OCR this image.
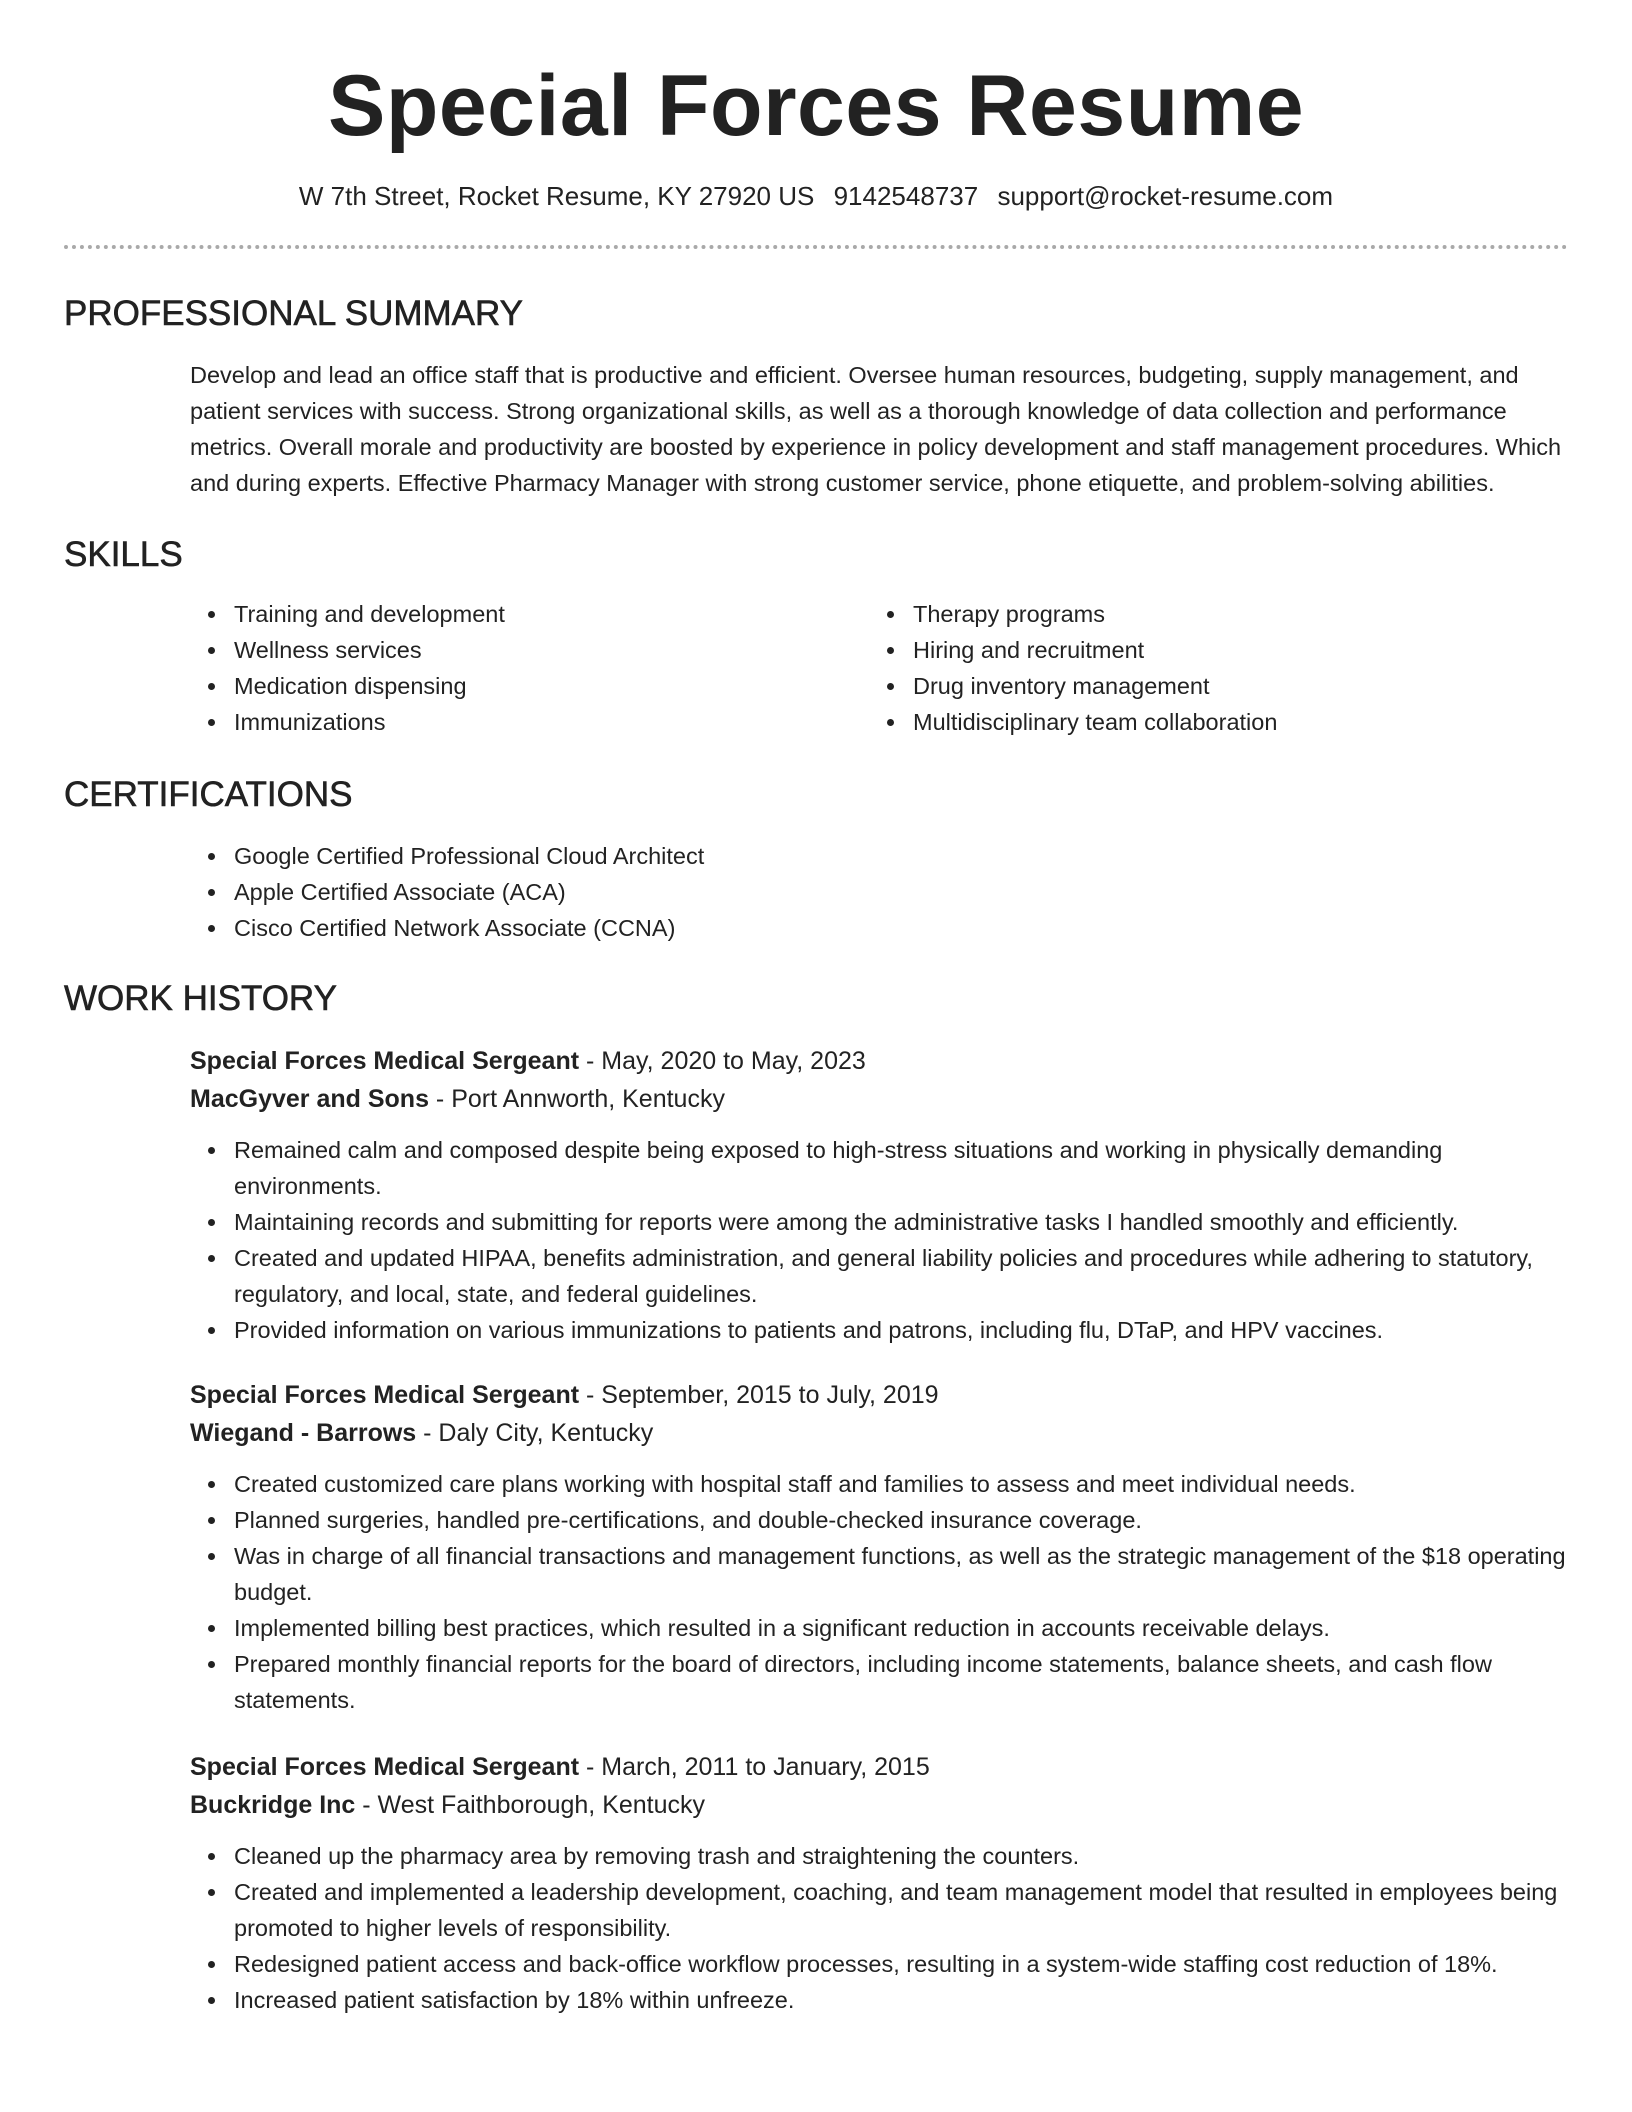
Special Forces Resume
W 7th Street, Rocket Resume, KY 27920 US 9142548737 support@rocket-resume.com
PROFESSIONAL SUMMARY

Develop and lead an office staff that is productive and efficient. Oversee human resources, budgeting, supply management, and patient services with success. Strong organizational skills, as well as a thorough knowledge of data collection and performance metrics. Overall morale and productivity are boosted by experience in policy development and staff management procedures. Which and during experts. Effective Pharmacy Manager with strong customer service, phone etiquette, and problem-solving abilities.

SKILLS
Training and development
Wellness services
Medication dispensing
Immunizations
Therapy programs
Hiring and recruitment
Drug inventory management
Multidisciplinary team collaboration
CERTIFICATIONS
Google Certified Professional Cloud Architect
Apple Certified Associate (ACA)
Cisco Certified Network Associate (CCNA)
WORK HISTORY
Special Forces Medical Sergeant - May, 2020 to May, 2023
MacGyver and Sons - Port Annworth, Kentucky
Remained calm and composed despite being exposed to high-stress situations and working in physically demanding environments.
Maintaining records and submitting for reports were among the administrative tasks I handled smoothly and efficiently.
Created and updated HIPAA, benefits administration, and general liability policies and procedures while adhering to statutory, regulatory, and local, state, and federal guidelines.
Provided information on various immunizations to patients and patrons, including flu, DTaP, and HPV vaccines.
Special Forces Medical Sergeant - September, 2015 to July, 2019
Wiegand - Barrows - Daly City, Kentucky
Created customized care plans working with hospital staff and families to assess and meet individual needs.
Planned surgeries, handled pre-certifications, and double-checked insurance coverage.
Was in charge of all financial transactions and management functions, as well as the strategic management of the $18 operating budget.
Implemented billing best practices, which resulted in a significant reduction in accounts receivable delays.
Prepared monthly financial reports for the board of directors, including income statements, balance sheets, and cash flow statements.
Special Forces Medical Sergeant - March, 2011 to January, 2015
Buckridge Inc - West Faithborough, Kentucky
Cleaned up the pharmacy area by removing trash and straightening the counters.
Created and implemented a leadership development, coaching, and team management model that resulted in employees being promoted to higher levels of responsibility.
Redesigned patient access and back-office workflow processes, resulting in a system-wide staffing cost reduction of 18%.
Increased patient satisfaction by 18% within unfreeze.
